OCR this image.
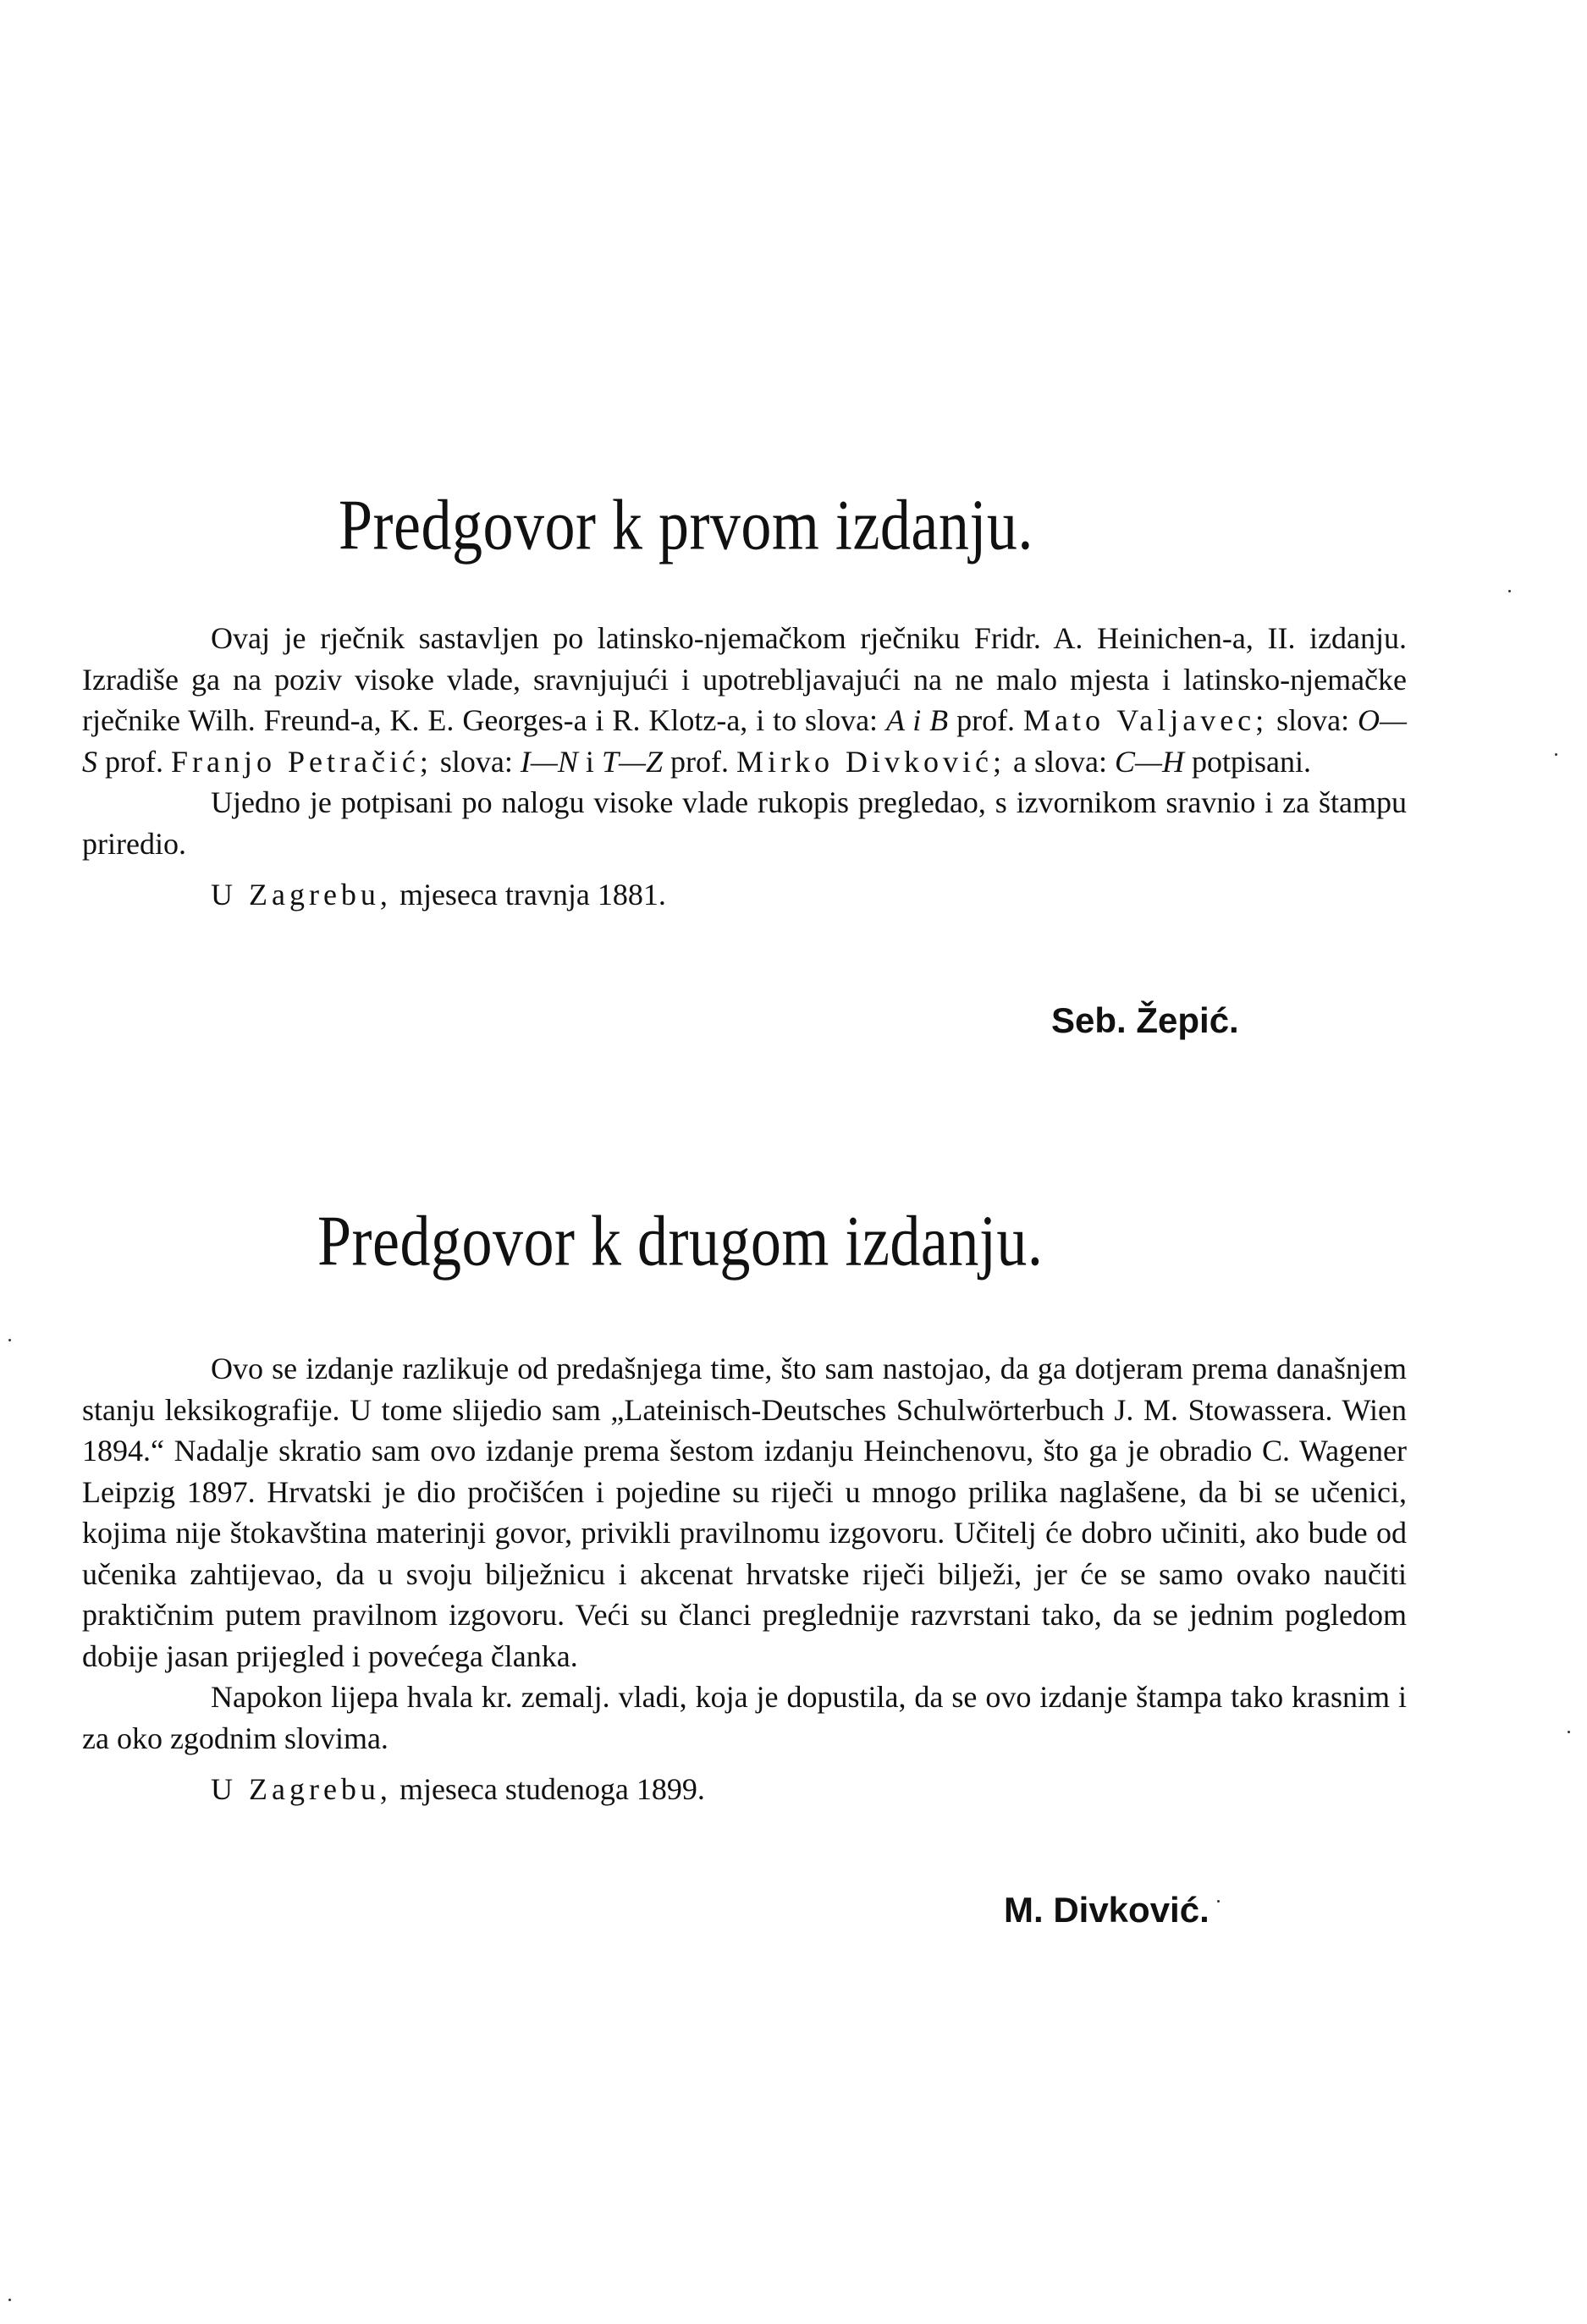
Predgovor k prvom izdanju.

Ovaj je rječnik sastavljen po latinsko-njemačkom rječniku Fridr. A. Heinichen-a, II. izdanju. Izradiše ga na poziv visoke vlade, sravnjujući i upotrebljavajući na ne malo mjesta i latinsko-njemačke rječnike Wilh. Freund-a, K. E. Georges-a i R. Klotz-a, i to slova: A i B prof. Mato Valjavec; slova: O—S prof. Franjo Petračić; slova: I—N i T—Z prof. Mirko Divković; a slova: C—H potpisani.

Ujedno je potpisani po nalogu visoke vlade rukopis pregledao, s izvornikom sravnio i za štampu priredio.

U Zagrebu, mjeseca travnja 1881.

Seb. Žepić.
Predgovor k drugom izdanju.

Ovo se izdanje razlikuje od predašnjega time, što sam nastojao, da ga dotjeram prema današnjem stanju leksikografije. U tome slijedio sam „Lateinisch-Deutsches Schulwörterbuch J. M. Stowassera. Wien 1894.“ Nadalje skratio sam ovo izdanje prema šestom izdanju Heinchenovu, što ga je obradio C. Wagener Leipzig 1897. Hrvatski je dio pročišćen i pojedine su riječi u mnogo prilika naglašene, da bi se učenici, kojima nije štokavština materinji govor, privikli pravilnomu izgovoru. Učitelj će dobro učiniti, ako bude od učenika zahtijevao, da u svoju bilježnicu i akcenat hrvatske riječi bilježi, jer će se samo ovako naučiti praktičnim putem pravilnom izgovoru. Veći su članci preglednije razvrstani tako, da se jednim pogledom dobije jasan prijegled i povećega članka.

Napokon lijepa hvala kr. zemalj. vladi, koja je dopustila, da se ovo izdanje štampa tako krasnim i za oko zgodnim slovima.

U Zagrebu, mjeseca studenoga 1899.

M. Divković.
